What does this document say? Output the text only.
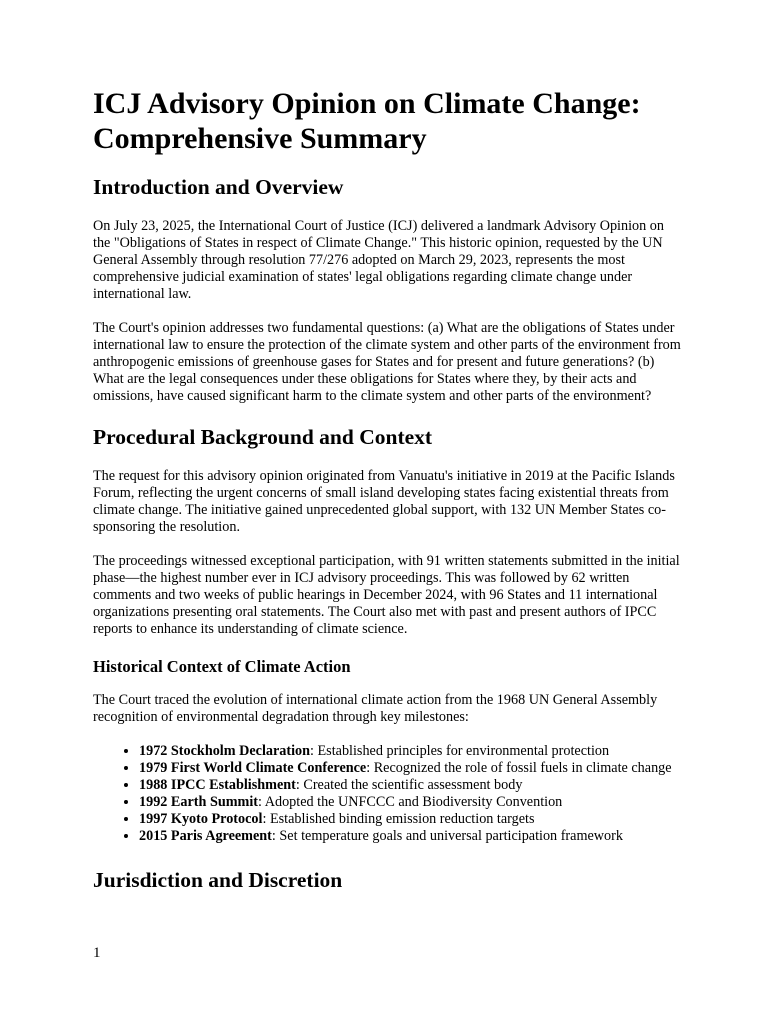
ICJ Advisory Opinion on Climate Change:
Comprehensive Summary
Introduction and Overview

On July 23, 2025, the International Court of Justice (ICJ) delivered a landmark Advisory Opinion on the "Obligations of States in respect of Climate Change." This historic opinion, requested by the UN General Assembly through resolution 77/276 adopted on March 29, 2023, represents the most comprehensive judicial examination of states' legal obligations regarding climate change under international law.

The Court's opinion addresses two fundamental questions: (a) What are the obligations of States under international law to ensure the protection of the climate system and other parts of the environment from anthropogenic emissions of greenhouse gases for States and for present and future generations? (b) What are the legal consequences under these obligations for States where they, by their acts and omissions, have caused significant harm to the climate system and other parts of the environment?

Procedural Background and Context

The request for this advisory opinion originated from Vanuatu's initiative in 2019 at the Pacific Islands Forum, reflecting the urgent concerns of small island developing states facing existential threats from climate change. The initiative gained unprecedented global support, with 132 UN Member States co-sponsoring the resolution.

The proceedings witnessed exceptional participation, with 91 written statements submitted in the initial phase—the highest number ever in ICJ advisory proceedings. This was followed by 62 written comments and two weeks of public hearings in December 2024, with 96 States and 11 international organizations presenting oral statements. The Court also met with past and present authors of IPCC reports to enhance its understanding of climate science.

Historical Context of Climate Action

The Court traced the evolution of international climate action from the 1968 UN General Assembly recognition of environmental degradation through key milestones:

• 1972 Stockholm Declaration: Established principles for environmental protection
• 1979 First World Climate Conference: Recognized the role of fossil fuels in climate change
• 1988 IPCC Establishment: Created the scientific assessment body
• 1992 Earth Summit: Adopted the UNFCCC and Biodiversity Convention
• 1997 Kyoto Protocol: Established binding emission reduction targets
• 2015 Paris Agreement: Set temperature goals and universal participation framework
Jurisdiction and Discretion
1
